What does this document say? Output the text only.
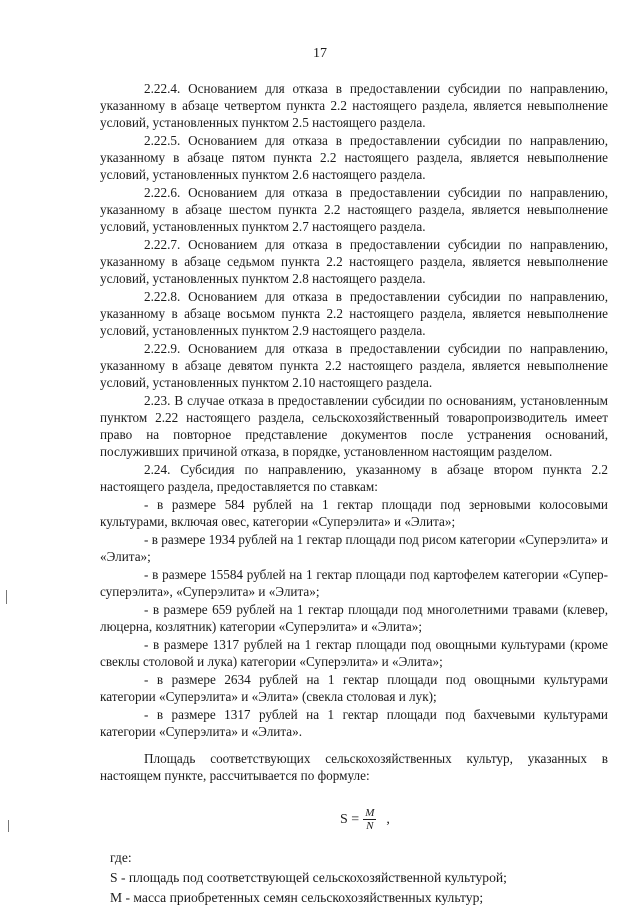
17

2.22.4. Основанием для отказа в предоставлении субсидии по направлению, указанному в абзаце четвертом пункта 2.2 настоящего раздела, является невыполнение условий, установленных пунктом 2.5 настоящего раздела.

2.22.5. Основанием для отказа в предоставлении субсидии по направлению, указанному в абзаце пятом пункта 2.2 настоящего раздела, является невыполнение условий, установленных пунктом 2.6 настоящего раздела.

2.22.6. Основанием для отказа в предоставлении субсидии по направлению, указанному в абзаце шестом пункта 2.2 настоящего раздела, является невыполнение условий, установленных пунктом 2.7 настоящего раздела.

2.22.7. Основанием для отказа в предоставлении субсидии по направлению, указанному в абзаце седьмом пункта 2.2 настоящего раздела, является невыполнение условий, установленных пунктом 2.8 настоящего раздела.

2.22.8. Основанием для отказа в предоставлении субсидии по направлению, указанному в абзаце восьмом пункта 2.2 настоящего раздела, является невыполнение условий, установленных пунктом 2.9 настоящего раздела.

2.22.9. Основанием для отказа в предоставлении субсидии по направлению, указанному в абзаце девятом пункта 2.2 настоящего раздела, является невыполнение условий, установленных пунктом 2.10 настоящего раздела.

2.23. В случае отказа в предоставлении субсидии по основаниям, установленным пунктом 2.22 настоящего раздела, сельскохозяйственный товаропроизводитель имеет право на повторное представление документов после устранения оснований, послуживших причиной отказа, в порядке, установленном настоящим разделом.

2.24. Субсидия по направлению, указанному в абзаце втором пункта 2.2 настоящего раздела, предоставляется по ставкам:

- в размере 584 рублей на 1 гектар площади под зерновыми колосовыми культурами, включая овес, категории «Суперэлита» и «Элита»;

- в размере 1934 рублей на 1 гектар площади под рисом категории «Суперэлита» и «Элита»;

- в размере 15584 рублей на 1 гектар площади под картофелем категории «Супер-суперэлита», «Суперэлита» и «Элита»;

- в размере 659 рублей на 1 гектар площади под многолетними травами (клевер, люцерна, козлятник) категории «Суперэлита» и «Элита»;

- в размере 1317 рублей на 1 гектар площади под овощными культурами (кроме свеклы столовой и лука) категории «Суперэлита» и «Элита»;

- в размере 2634 рублей на 1 гектар площади под овощными культурами категории «Суперэлита» и «Элита» (свекла столовая и лук);

- в размере 1317 рублей на 1 гектар площади под бахчевыми культурами категории «Суперэлита» и «Элита».

Площадь соответствующих сельскохозяйственных культур, указанных в настоящем пункте, рассчитывается по формуле:

$S = \frac{M}{N}$ ,

где:

S - площадь под соответствующей сельскохозяйственной культурой;

М - масса приобретенных семян сельскохозяйственных культур;
